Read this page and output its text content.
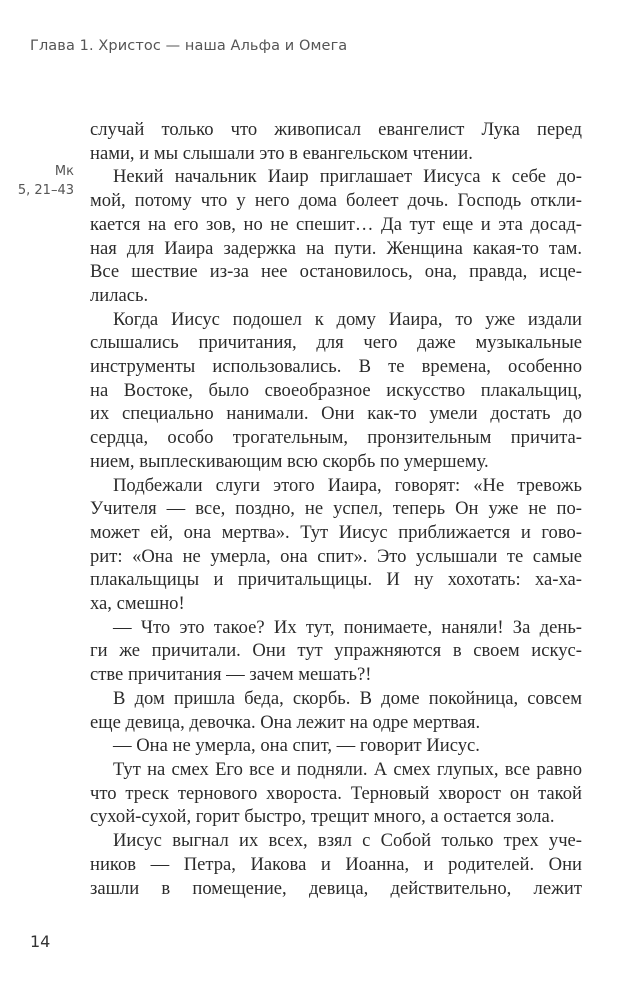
Глава 1. Христос — наша Альфа и Омега
Мк
5, 21–43
случай только что живописал евангелист Лука перед
нами, и мы слышали это в евангельском чтении.
Некий начальник Иаир приглашает Иисуса к себе до-
мой, потому что у него дома болеет дочь. Господь откли-
кается на его зов, но не спешит… Да тут еще и эта досад-
ная для Иаира задержка на пути. Женщина какая-то там.
Все шествие из-за нее остановилось, она, правда, исце-
лилась.
Когда Иисус подошел к дому Иаира, то уже издали
слышались причитания, для чего даже музыкальные
инструменты использовались. В те времена, особенно
на Востоке, было своеобразное искусство плакальщиц,
их специально нанимали. Они как-то умели достать до
сердца, особо трогательным, пронзительным причита-
нием, выплескивающим всю скорбь по умершему.
Подбежали слуги этого Иаира, говорят: «Не тревожь
Учителя — все, поздно, не успел, теперь Он уже не по-
может ей, она мертва». Тут Иисус приближается и гово-
рит: «Она не умерла, она спит». Это услышали те самые
плакальщицы и причитальщицы. И ну хохотать: ха-ха-
ха, смешно!
— Что это такое? Их тут, понимаете, наняли! За день-
ги же причитали. Они тут упражняются в своем искус-
стве причитания — зачем мешать?!
В дом пришла беда, скорбь. В доме покойница, совсем
еще девица, девочка. Она лежит на одре мертвая.
— Она не умерла, она спит, — говорит Иисус.
Тут на смех Его все и подняли. А смех глупых, все равно
что треск тернового хвороста. Терновый хворост он такой
сухой-сухой, горит быстро, трещит много, а остается зола.
Иисус выгнал их всех, взял с Собой только трех уче-
ников — Петра, Иакова и Иоанна, и родителей. Они
зашли в помещение, девица, действительно, лежит
14
